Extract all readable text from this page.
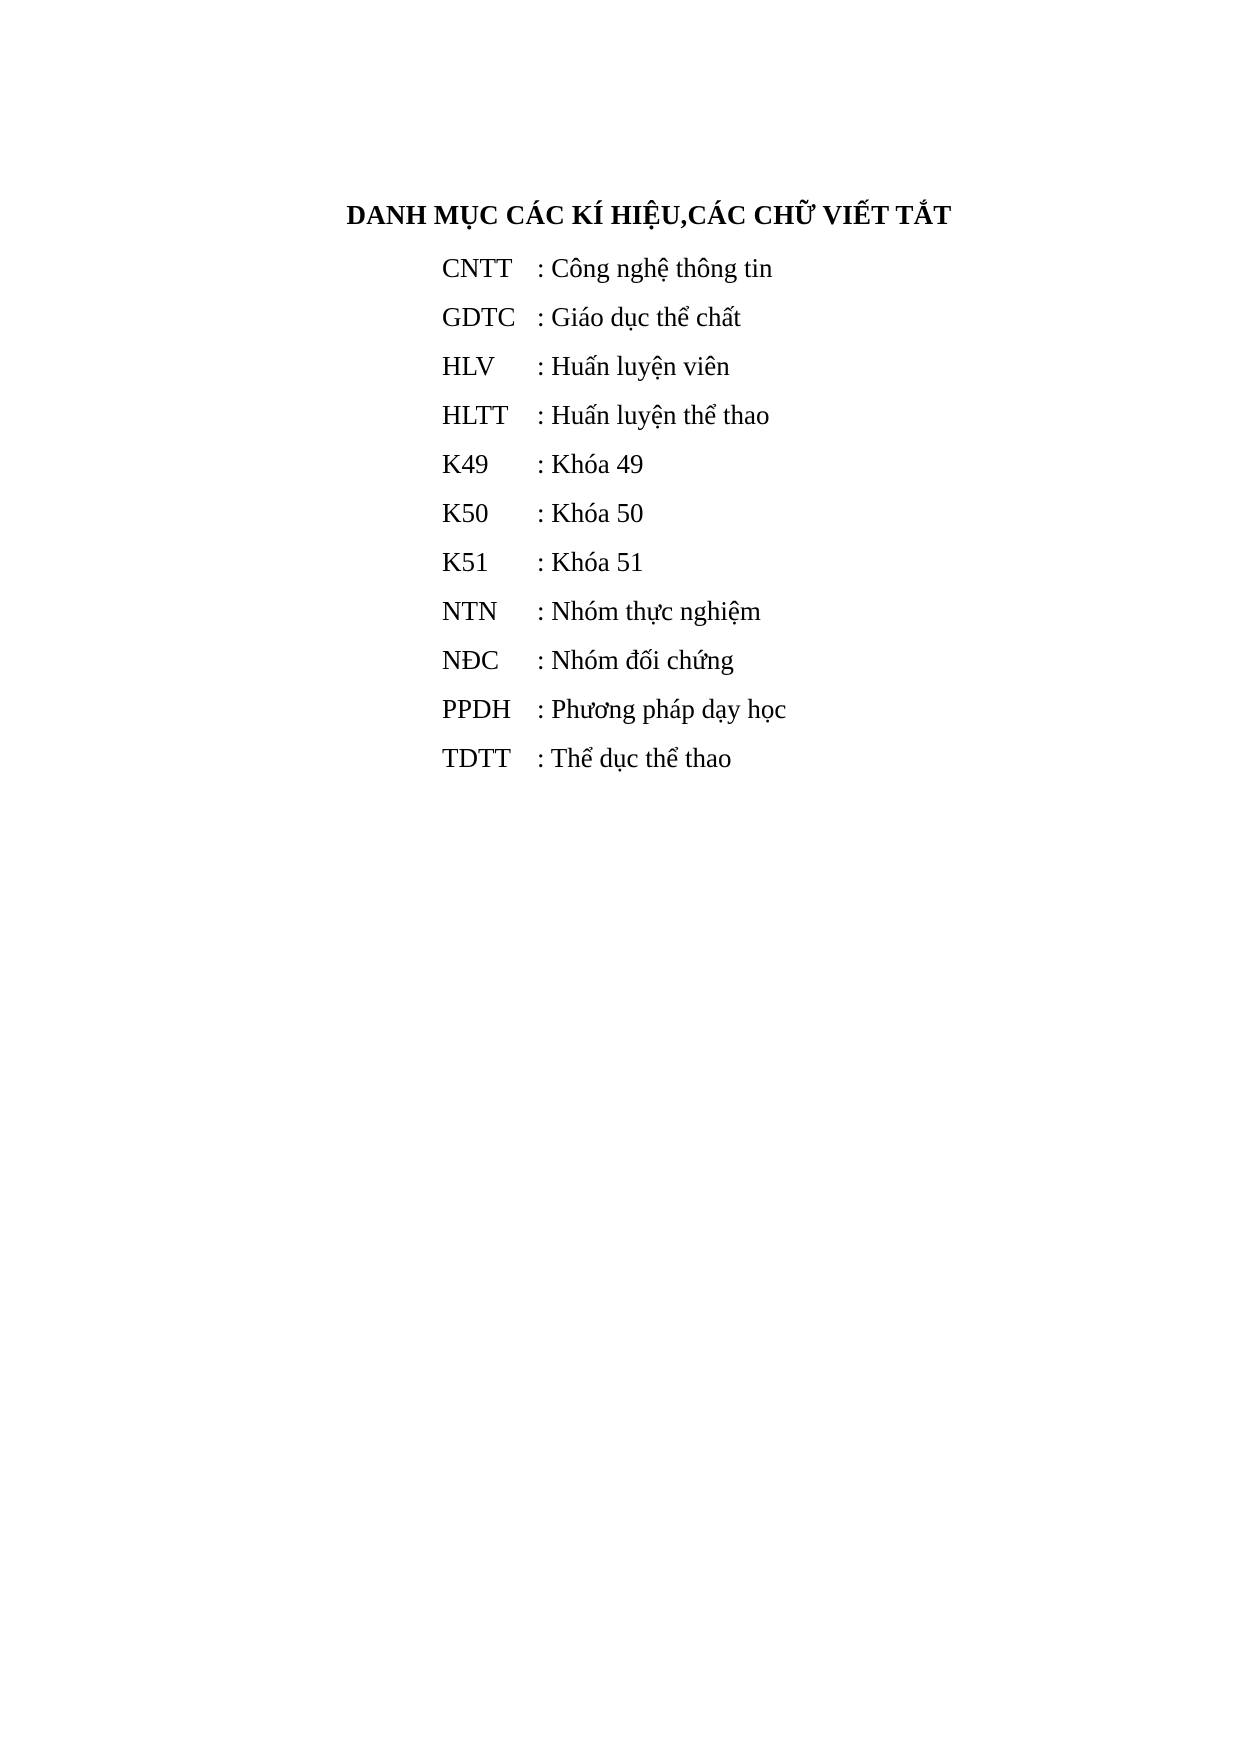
DANH MỤC CÁC KÍ HIỆU,CÁC CHỮ VIẾT TẮT
CNTT : Công nghệ thông tin
GDTC : Giáo dục thể chất
HLV	: Huấn luyện viên
HLTT	: Huấn luyện thể thao
K49	: Khóa 49
K50	: Khóa 50
K51	: Khóa 51
NTN	: Nhóm thực nghiệm
NĐC	: Nhóm đối chứng
PPDH : Phương pháp dạy học
TDTT : Thể dục thể thao
